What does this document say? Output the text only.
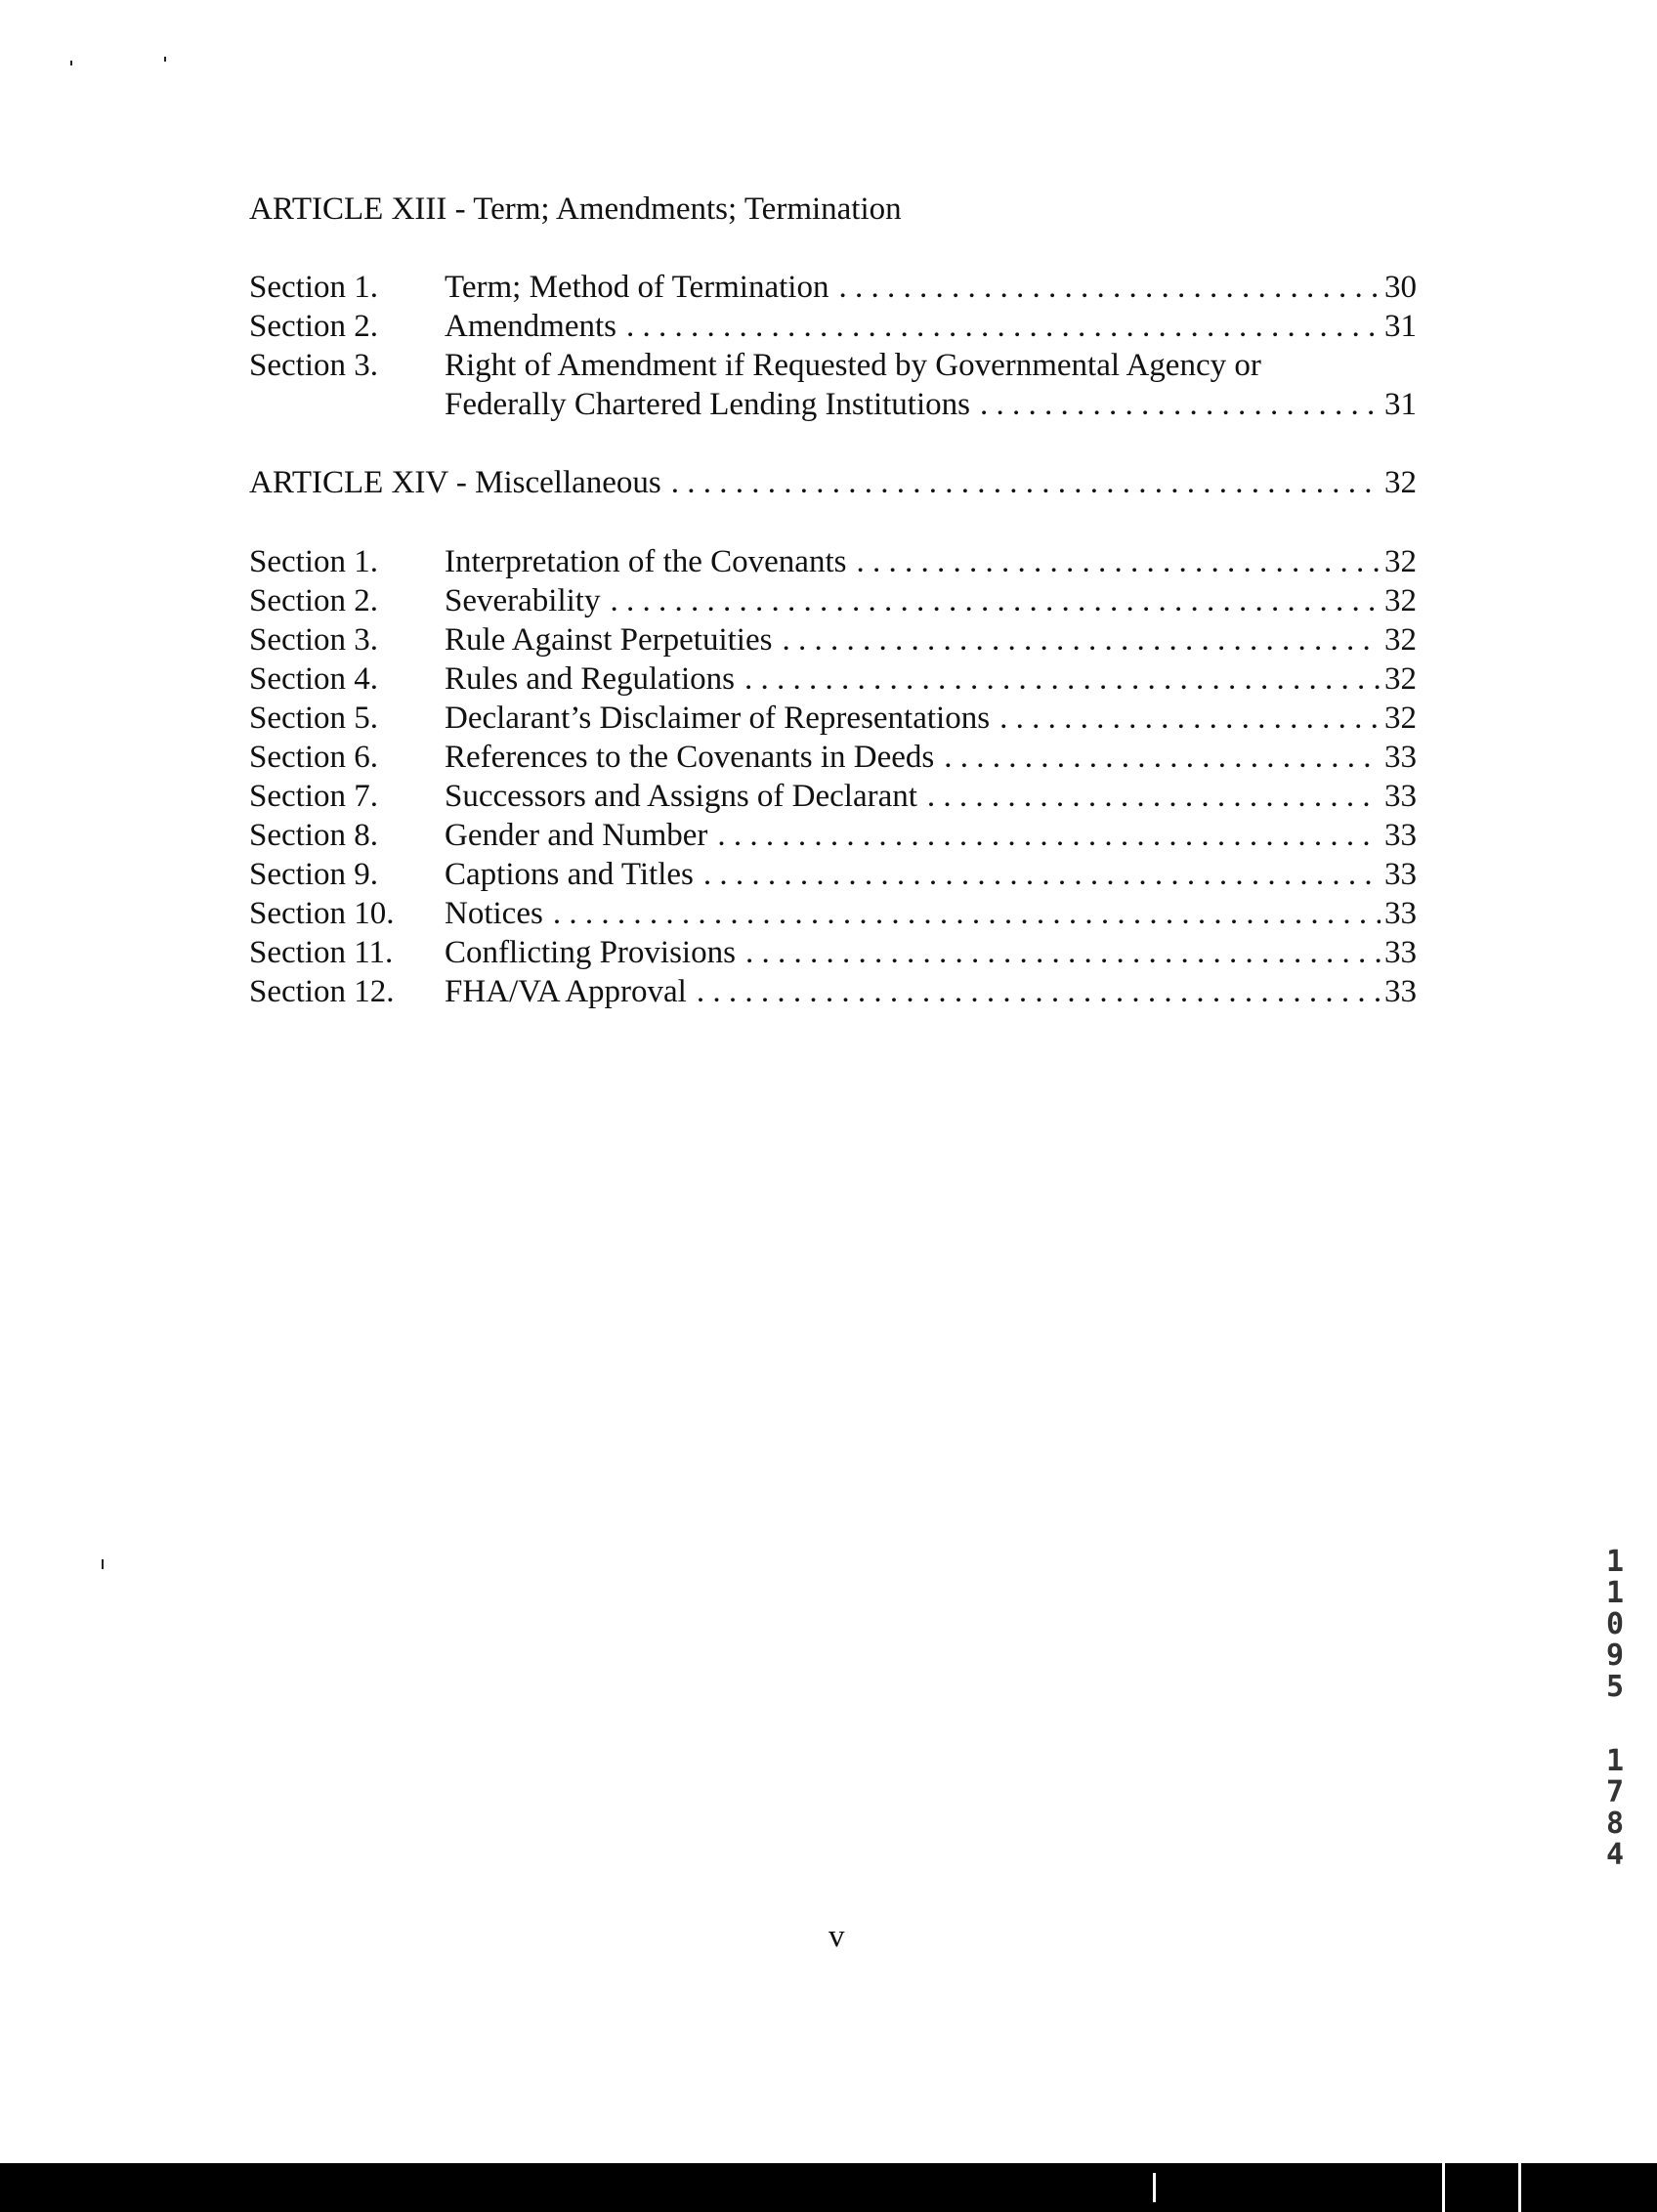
ARTICLE XIII - Term; Amendments; Termination
Section 1. Term; Method of Termination . . .	30
Section 2. Amendments . . .	31
Section 3. Right of Amendment if Requested by Governmental Agency or
Federally Chartered Lending Institutions . . .	31
ARTICLE XIV - Miscellaneous . . .	32
Section 1. Interpretation of the Covenants . . .	32
Section 2. Severability . . .	32
Section 3. Rule Against Perpetuities . . .	32
Section 4. Rules and Regulations . . .	32
Section 5. Declarant’s Disclaimer of Representations . . .	32
Section 6. References to the Covenants in Deeds . . .	33
Section 7. Successors and Assigns of Declarant . . .	33
Section 8. Gender and Number . . .	33
Section 9. Captions and Titles . . .	33
Section 10. Notices . . .	33
Section 11. Conflicting Provisions . . .	33
Section 12. FHA/VA Approval . . .	33
1
1
0
9
5
1
7
8
4
v
